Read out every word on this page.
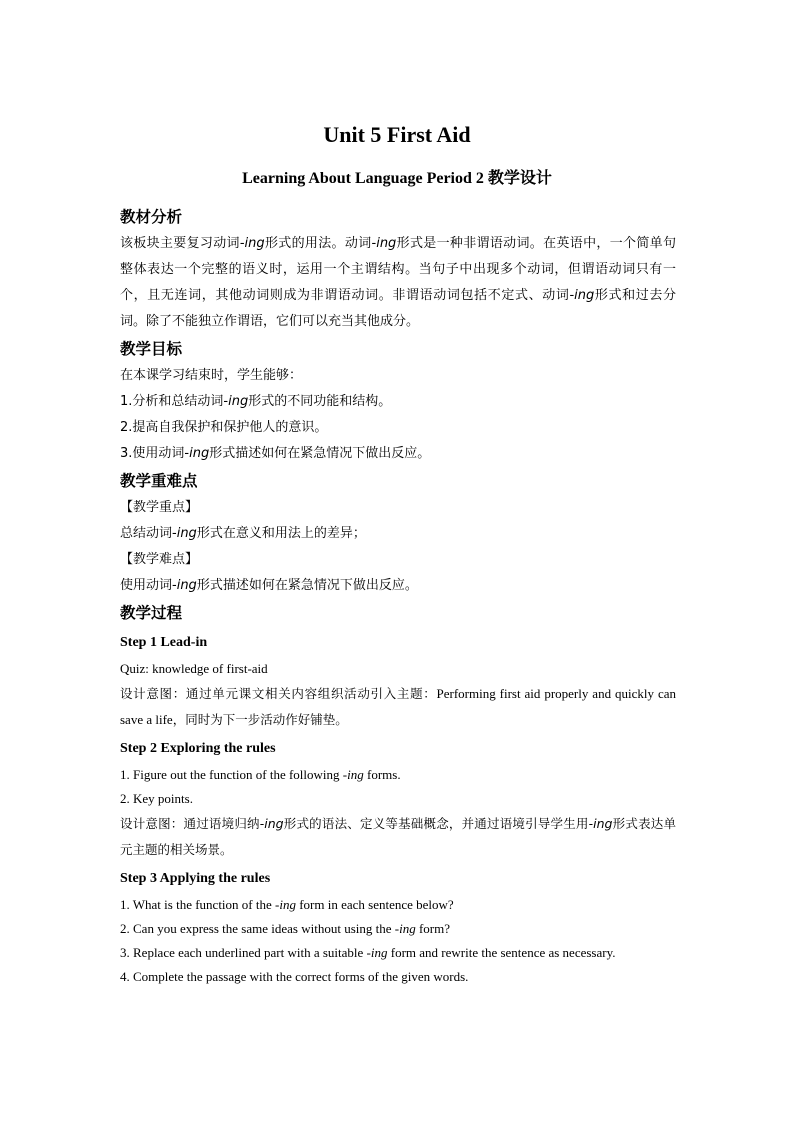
Unit 5 First Aid
Learning About Language Period 2 教学设计
教材分析
该板块主要复习动词-ing形式的用法。动词-ing形式是一种非谓语动词。在英语中，一个简单句整体表达一个完整的语义时，运用一个主谓结构。当句子中出现多个动词，但谓语动词只有一个，且无连词，其他动词则成为非谓语动词。非谓语动词包括不定式、动词-ing形式和过去分词。除了不能独立作谓语，它们可以充当其他成分。
教学目标
在本课学习结束时，学生能够：
1.分析和总结动词-ing形式的不同功能和结构。
2.提高自我保护和保护他人的意识。
3.使用动词-ing形式描述如何在紧急情况下做出反应。
教学重难点
【教学重点】
总结动词-ing形式在意义和用法上的差异；
【教学难点】
使用动词-ing形式描述如何在紧急情况下做出反应。
教学过程
Step 1 Lead-in
Quiz: knowledge of first-aid
设计意图：通过单元课文相关内容组织活动引入主题：Performing first aid properly and quickly can save a life，同时为下一步活动作好铺垫。
Step 2 Exploring the rules
1. Figure out the function of the following -ing forms.
2. Key points.
设计意图：通过语境归纳-ing形式的语法、定义等基础概念，并通过语境引导学生用-ing形式表达单元主题的相关场景。
Step 3 Applying the rules
1. What is the function of the -ing form in each sentence below?
2. Can you express the same ideas without using the -ing form?
3. Replace each underlined part with a suitable -ing form and rewrite the sentence as necessary.
4. Complete the passage with the correct forms of the given words.
